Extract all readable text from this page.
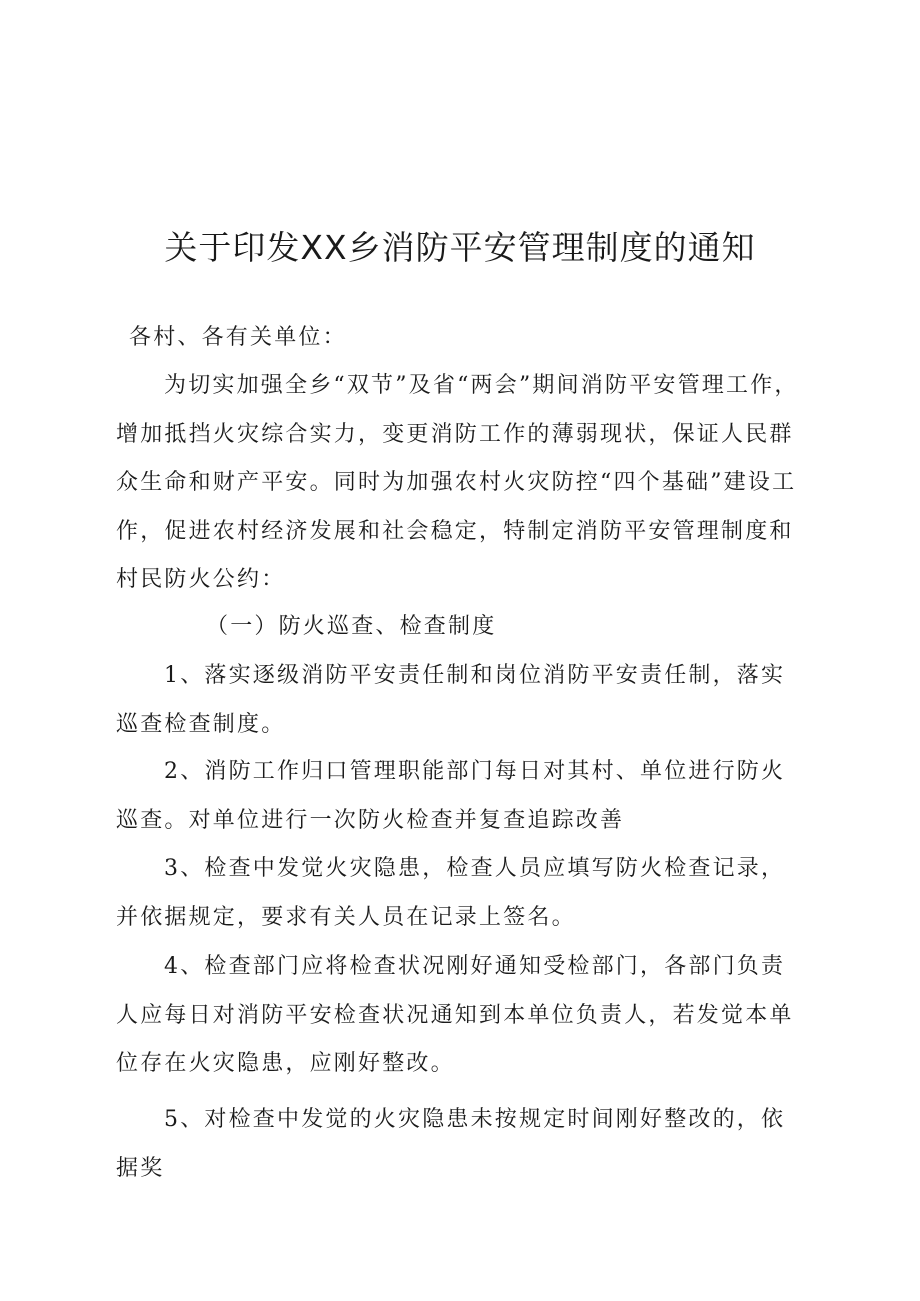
关于印发XX乡消防平安管理制度的通知
各村、各有关单位：

为切实加强全乡“双节”及省“两会”期间消防平安管理工作，增加抵挡火灾综合实力，变更消防工作的薄弱现状，保证人民群众生命和财产平安。同时为加强农村火灾防控“四个基础”建设工作，促进农村经济发展和社会稳定，特制定消防平安管理制度和村民防火公约：

（一）防火巡查、检查制度

1、落实逐级消防平安责任制和岗位消防平安责任制，落实巡查检查制度。

2、消防工作归口管理职能部门每日对其村、单位进行防火巡查。对单位进行一次防火检查并复查追踪改善

3、检查中发觉火灾隐患，检查人员应填写防火检查记录，并依据规定，要求有关人员在记录上签名。

4、检查部门应将检查状况刚好通知受检部门，各部门负责人应每日对消防平安检查状况通知到本单位负责人，若发觉本单位存在火灾隐患，应刚好整改。

5、对检查中发觉的火灾隐患未按规定时间刚好整改的，依据奖
